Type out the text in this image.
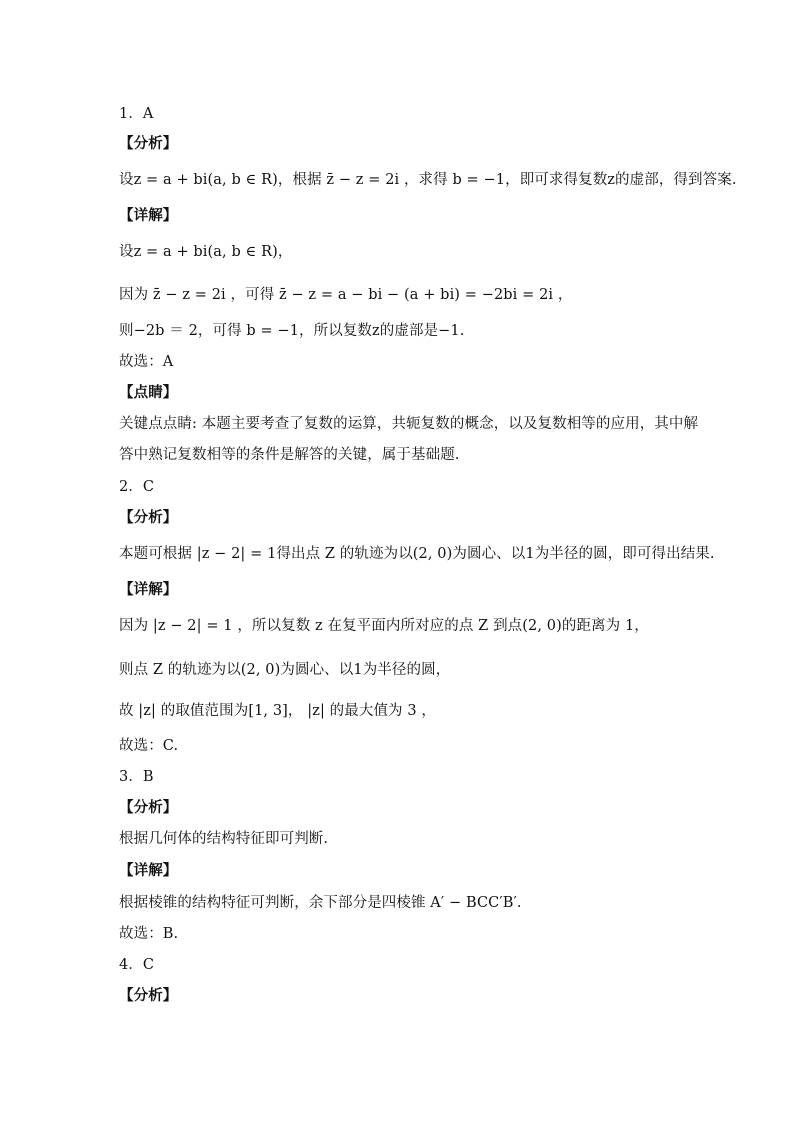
1．A
【分析】
设z = a + bi(a, b ∈ R)，根据 z̄ − z = 2i ，求得 b = −1，即可求得复数z的虚部，得到答案.
【详解】
设z = a + bi(a, b ∈ R)，
因为 z̄ − z = 2i ，可得 z̄ − z = a − bi − (a + bi) = −2bi = 2i ，
则−2b ＝ 2，可得 b = −1，所以复数z的虚部是−1.
故选：A
【点睛】
关键点点睛: 本题主要考查了复数的运算，共轭复数的概念，以及复数相等的应用，其中解
答中熟记复数相等的条件是解答的关键，属于基础题.
2．C
【分析】
本题可根据 |z − 2| = 1得出点 Z 的轨迹为以(2, 0)为圆心、以1为半径的圆，即可得出结果.
【详解】
因为 |z − 2| = 1 ，所以复数 z 在复平面内所对应的点 Z 到点(2, 0)的距离为 1，
则点 Z 的轨迹为以(2, 0)为圆心、以1为半径的圆，
故 |z| 的取值范围为[1, 3]， |z| 的最大值为 3 ，
故选：C.
3．B
【分析】
根据几何体的结构特征即可判断.
【详解】
根据棱锥的结构特征可判断，余下部分是四棱锥 A′ − BCC′B′.
故选：B.
4．C
【分析】
